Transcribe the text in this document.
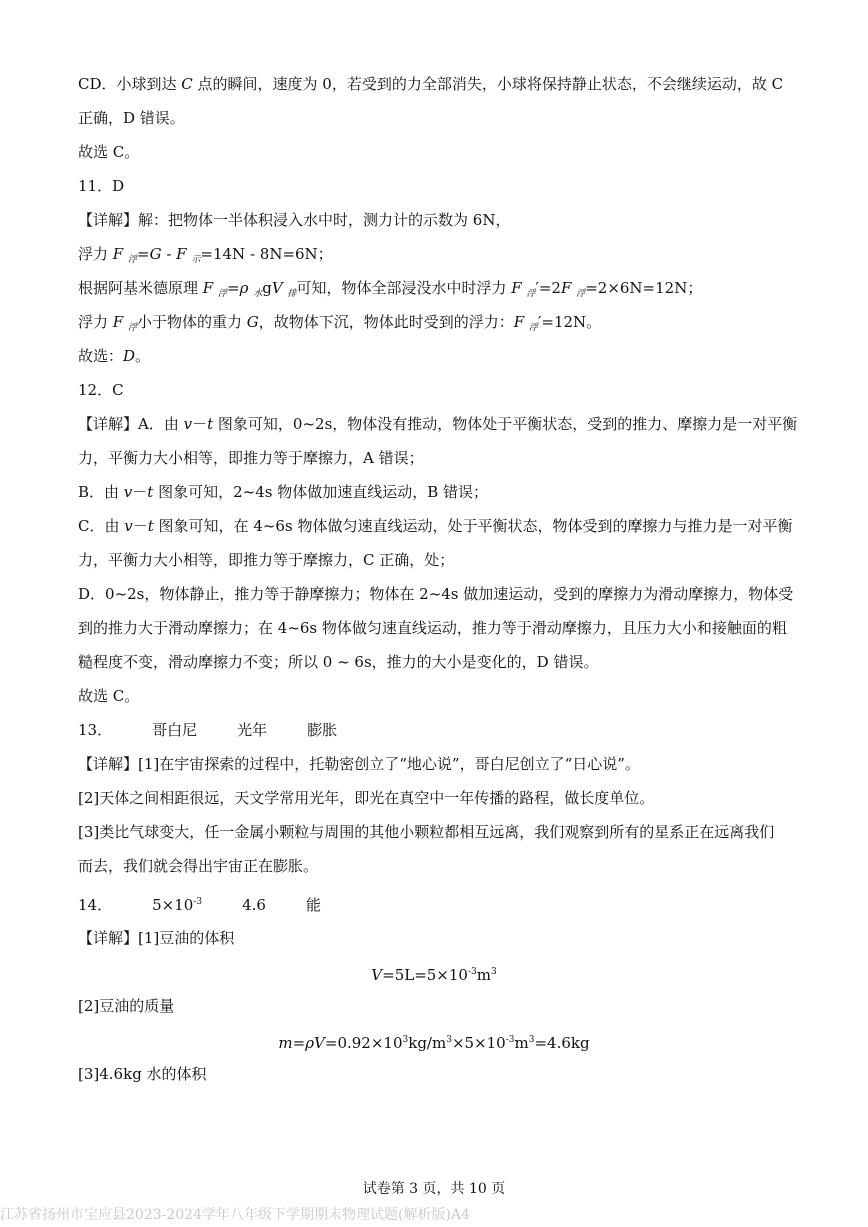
CD．小球到达 C 点的瞬间，速度为 0，若受到的力全部消失，小球将保持静止状态，不会继续运动，故 C
正确，D 错误。
故选 C。
11．D
【详解】解：把物体一半体积浸入水中时，测力计的示数为 6N，
浮力 F $_浮$=G - F $_示$=14N - 8N=6N；
根据阿基米德原理 F $_浮$=ρ $_水$gV $_排$可知，物体全部浸没水中时浮力 F $_浮$′=2F $_浮$=2×6N=12N；
浮力 F $_浮$小于物体的重力 G，故物体下沉，物体此时受到的浮力：F $_浮$′=12N。
故选：D。
12．C
【详解】A．由 v－t 图象可知，0~2s，物体没有推动，物体处于平衡状态，受到的推力、摩擦力是一对平衡
力，平衡力大小相等，即推力等于摩擦力，A 错误；
B．由 v－t 图象可知，2~4s 物体做加速直线运动，B 错误；
C．由 v－t 图象可知，在 4~6s 物体做匀速直线运动，处于平衡状态，物体受到的摩擦力与推力是一对平衡
力，平衡力大小相等，即推力等于摩擦力，C 正确，处；
D．0~2s，物体静止，推力等于静摩擦力；物体在 2~4s 做加速运动，受到的摩擦力为滑动摩擦力，物体受
到的推力大于滑动摩擦力；在 4~6s 物体做匀速直线运动，推力等于滑动摩擦力，且压力大小和接触面的粗
糙程度不变，滑动摩擦力不变；所以 0 ~ 6s，推力的大小是变化的，D 错误。
故选 C。
13．	哥白尼	光年	膨胀
【详解】[1]在宇宙探索的过程中，托勒密创立了“地心说”，哥白尼创立了“日心说”。
[2]天体之间相距很远，天文学常用光年，即光在真空中一年传播的路程，做长度单位。
[3]类比气球变大，任一金属小颗粒与周围的其他小颗粒都相互远离，我们观察到所有的星系正在远离我们
而去，我们就会得出宇宙正在膨胀。
14．	$5\times 10^{-3}$	4.6	能
【详解】[1]豆油的体积
$V=5L=5\times 10^{-3}m^3$
[2]豆油的质量
$m=\rho V=0.92\times 10^3kg/m^3\times 5\times 10^{-3}m^3=4.6kg$
[3]4.6kg 水的体积
试卷第 3 页，共 10 页
江苏省扬州市宝应县2023-2024学年八年级下学期期末物理试题(解析版)A4
